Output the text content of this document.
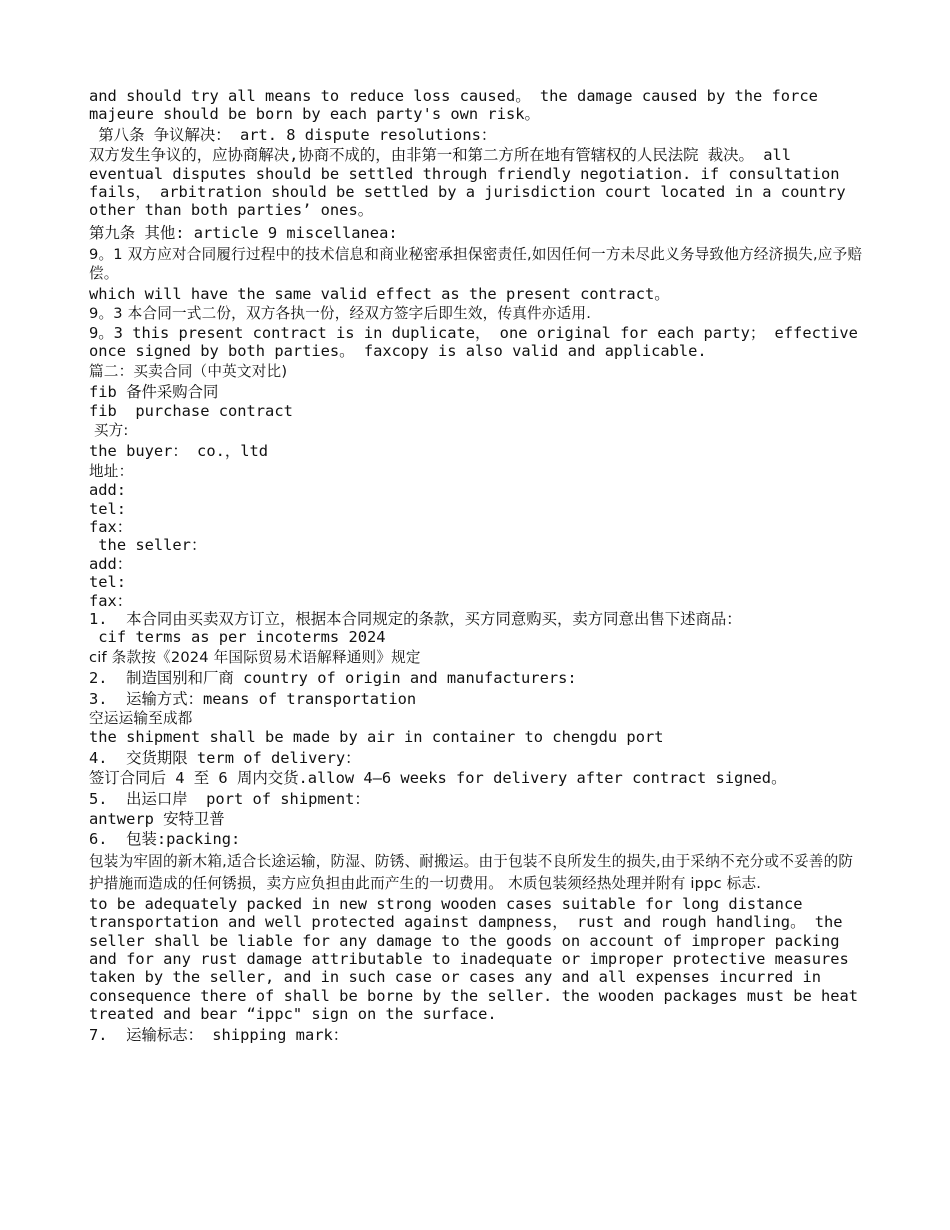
and should try all means to reduce loss caused。 the damage caused by the force majeure should be born by each party's own risk。
第八条 争议解决： art. 8 dispute resolutions：
双方发生争议的，应协商解决,协商不成的，由非第一和第二方所在地有管辖权的人民法院 裁决。 all eventual disputes should be settled through friendly negotiation. if consultation fails， arbitration should be settled by a jurisdiction court located in a country other than both parties’ ones。
第九条 其他: article 9 miscellanea:
9。1 双方应对合同履行过程中的技术信息和商业秘密承担保密责任,如因任何一方未尽此义务导致他方经济损失,应予赔偿。
which will have the same valid effect as the present contract。
9。3 本合同一式二份，双方各执一份，经双方签字后即生效，传真件亦适用.
9。3 this present contract is in duplicate， one original for each party； effective once signed by both parties。 faxcopy is also valid and applicable.
篇二：买卖合同（中英文对比)
fib 备件采购合同
fib  purchase contract
买方:
the buyer： co.，ltd
地址：
add:
tel:
fax：
the seller：
add：
tel:
fax：
1.  本合同由买卖双方订立，根据本合同规定的条款，买方同意购买，卖方同意出售下述商品：
cif terms as per incoterms 2024
cif 条款按《2024 年国际贸易术语解释通则》规定
2.  制造国别和厂商 country of origin and manufacturers:
3.  运输方式：means of transportation
空运运输至成都
the shipment shall be made by air in container to chengdu port
4.  交货期限 term of delivery：
签订合同后 4 至 6 周内交货.allow 4—6 weeks for delivery after contract signed。
5.  出运口岸  port of shipment：
antwerp 安特卫普
6.  包装:packing:
包装为牢固的新木箱,适合长途运输，防湿、防锈、耐搬运。由于包装不良所发生的损失,由于采纳不充分或不妥善的防护措施而造成的任何锈损，卖方应负担由此而产生的一切费用。 木质包装须经热处理并附有 ippc 标志.
to be adequately packed in new strong wooden cases suitable for long distance transportation and well protected against dampness， rust and rough handling。 the seller shall be liable for any damage to the goods on account of improper packing and for any rust damage attributable to inadequate or improper protective measures taken by the seller, and in such case or cases any and all expenses incurred in consequence there of shall be borne by the seller. the wooden packages must be heat treated and bear “ippc" sign on the surface.
7.  运输标志： shipping mark：
